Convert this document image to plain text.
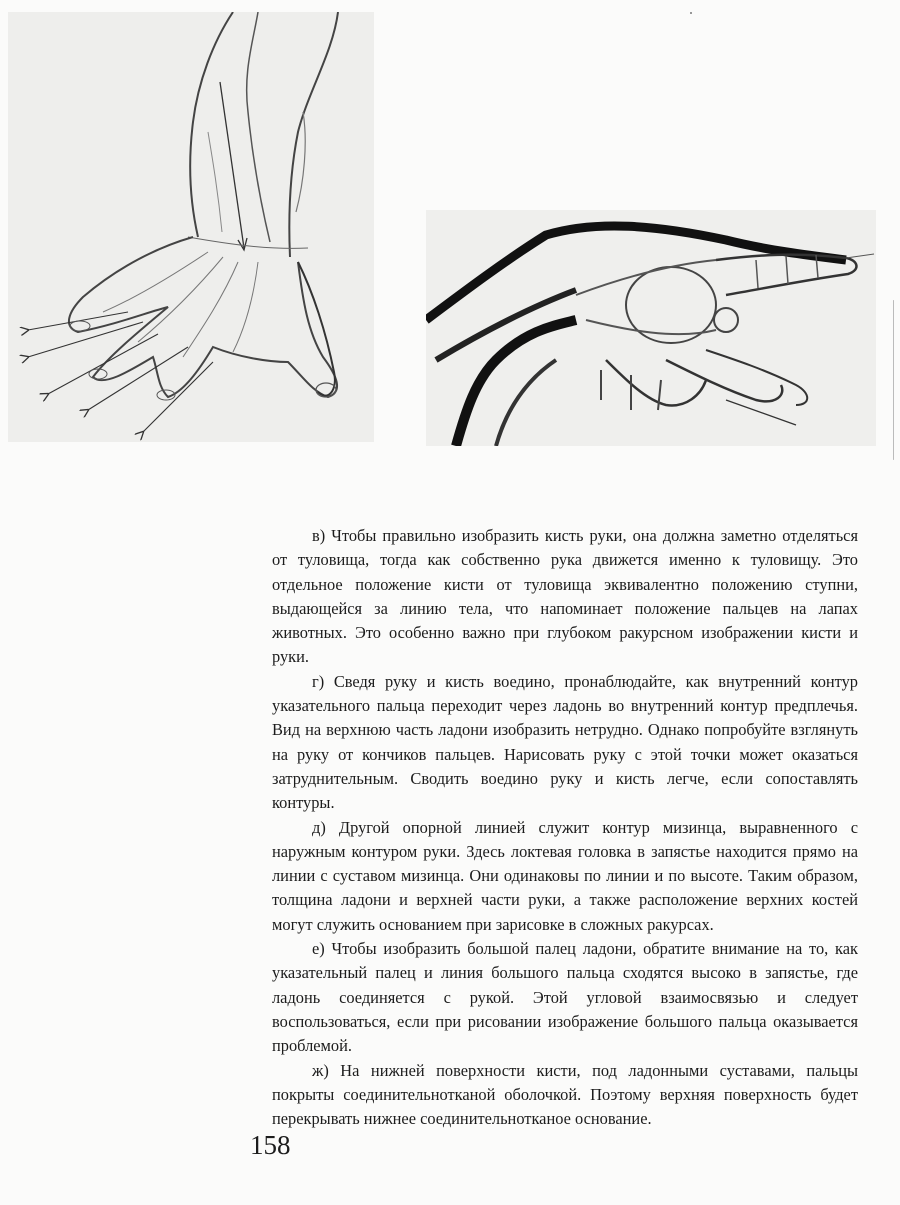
в) Чтобы правильно изобразить кисть руки, она должна заметно отделяться от туловища, тогда как собственно рука движется именно к туловищу. Это отдельное положение кисти от туловища эквивалентно положению ступни, выдающейся за линию тела, что напоминает положение пальцев на лапах животных. Это особенно важно при глубоком ракурсном изображении кисти и руки.

г) Сведя руку и кисть воедино, пронаблюдайте, как внутренний контур указательного пальца переходит через ладонь во внутренний контур предплечья. Вид на верхнюю часть ладони изобразить нетрудно. Однако попробуйте взглянуть на руку от кончиков пальцев. Нарисовать руку с этой точки может оказаться затруднительным. Сводить воедино руку и кисть легче, если сопоставлять контуры.

д) Другой опорной линией служит контур мизинца, выравненного с наружным контуром руки. Здесь локтевая головка в запястье находится прямо на линии с суставом мизинца. Они одинаковы по линии и по высоте. Таким образом, толщина ладони и верхней части руки, а также расположение верхних костей могут служить основанием при зарисовке в сложных ракурсах.

е) Чтобы изобразить большой палец ладони, обратите внимание на то, как указательный палец и линия большого пальца сходятся высоко в запястье, где ладонь соединяется с рукой. Этой угловой взаимосвязью и следует воспользоваться, если при рисовании изображение большого пальца оказывается проблемой.

ж) На нижней поверхности кисти, под ладонными суставами, пальцы покрыты соединительнотканой оболочкой. Поэтому верхняя поверхность будет перекрывать нижнее соединительнотканое основание.

158
